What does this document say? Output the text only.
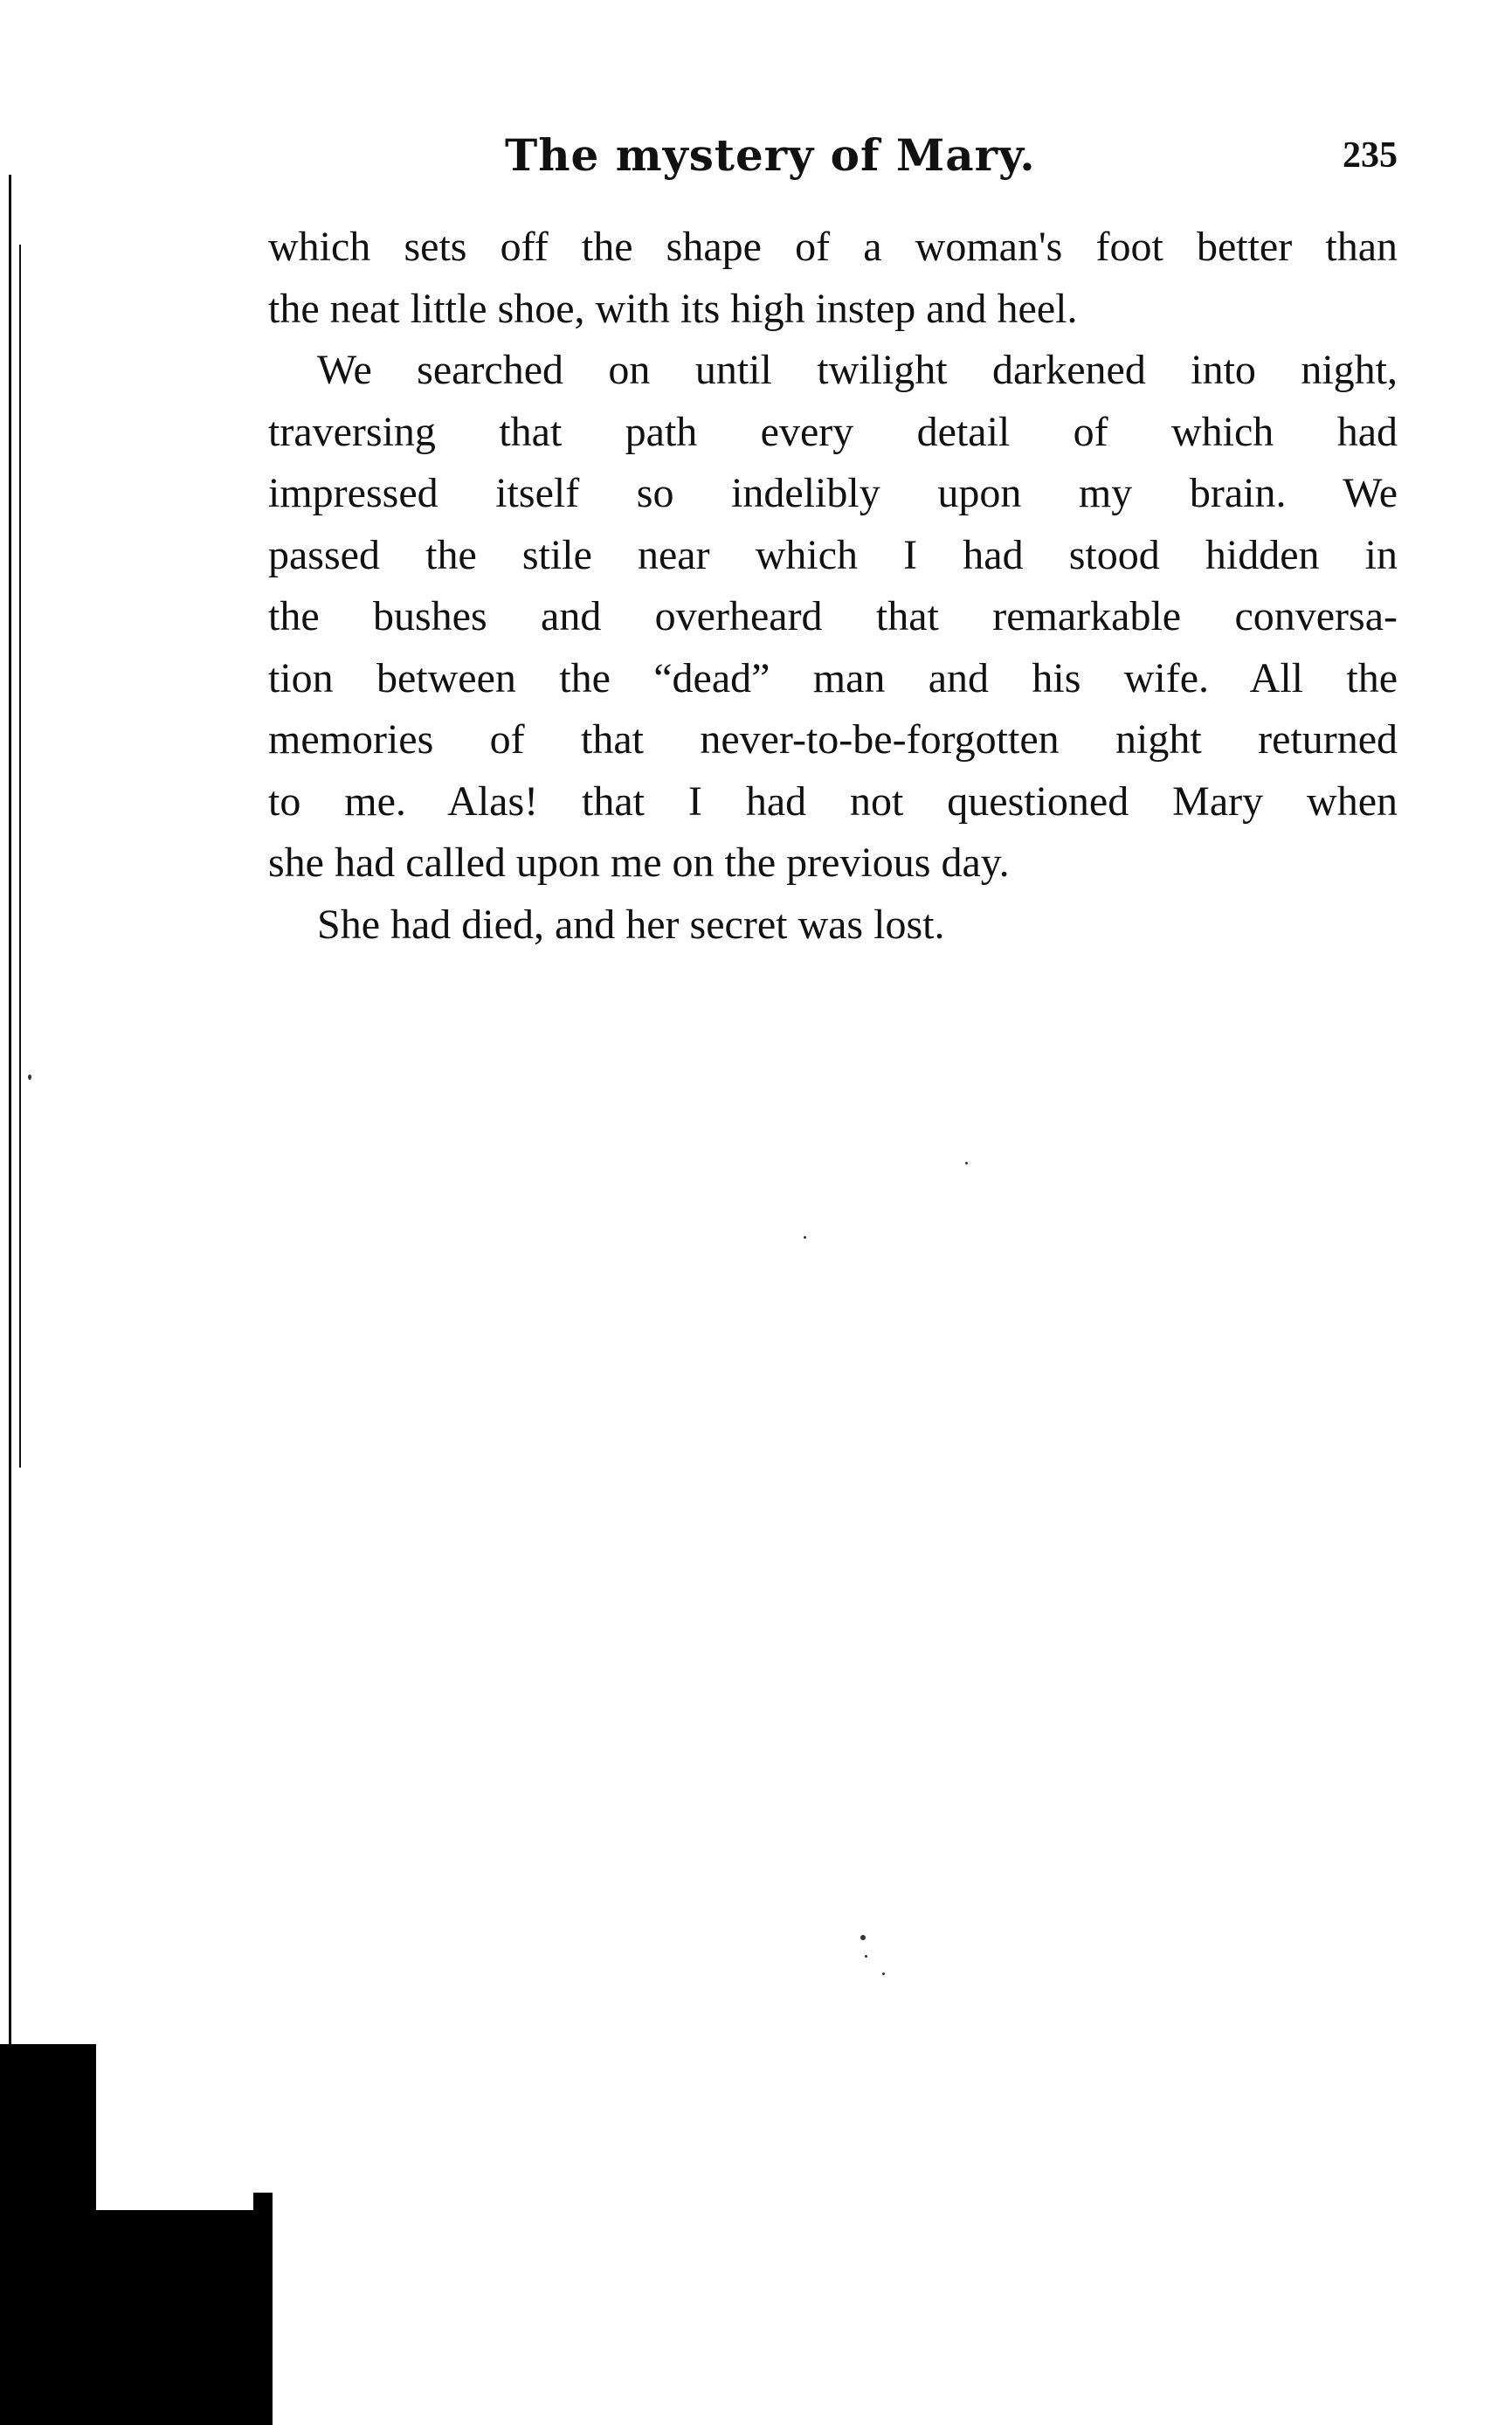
The mystery of Mary.	235
which sets off the shape of a woman's foot better than
the neat little shoe, with its high instep and heel.
We searched on until twilight darkened into night,
traversing that path every detail of which had
impressed itself so indelibly upon my brain. We
passed the stile near which I had stood hidden in
the bushes and overheard that remarkable conversa-
tion between the “dead” man and his wife. All the
memories of that never-to-be-forgotten night returned
to me. Alas! that I had not questioned Mary when
she had called upon me on the previous day.
She had died, and her secret was lost.
